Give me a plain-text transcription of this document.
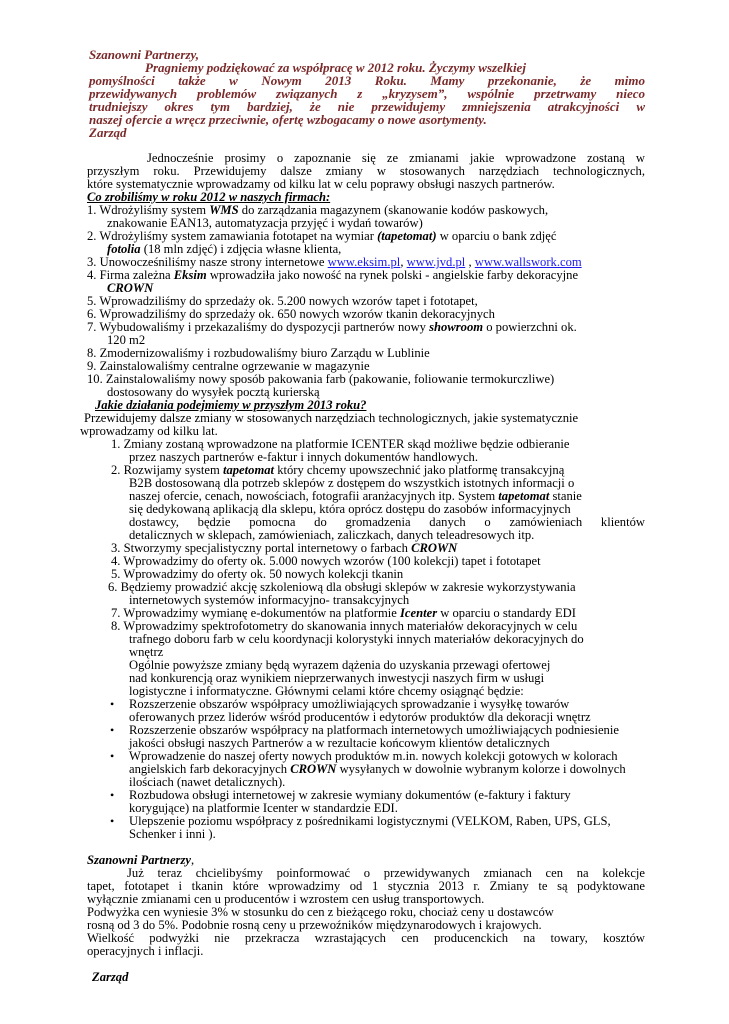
Szanowni Partnerzy,
Pragniemy podziękować za współpracę w 2012 roku. Życzymy wszelkiej
pomyślności także w Nowym 2013 Roku. Mamy przekonanie, że mimo
przewidywanych problemów związanych z „kryzysem”, wspólnie przetrwamy nieco
trudniejszy okres tym bardziej, że nie przewidujemy zmniejszenia atrakcyjności w
naszej ofercie a wręcz przeciwnie, ofertę wzbogacamy o nowe asortymenty.
Zarząd
Jednocześnie prosimy o zapoznanie się ze zmianami jakie wprowadzone zostaną w
przyszłym roku. Przewidujemy dalsze zmiany w stosowanych narzędziach technologicznych,
które systematycznie wprowadzamy od kilku lat w celu poprawy obsługi naszych partnerów.
Co zrobiliśmy w roku 2012 w naszych firmach:
1. Wdrożyliśmy system WMS do zarządzania magazynem (skanowanie kodów paskowych,
znakowanie EAN13, automatyzacja przyjęć i wydań towarów)
2. Wdrożyliśmy system zamawiania fototapet na wymiar (tapetomat) w oparciu o bank zdjęć
fotolia (18 mln zdjęć) i zdjęcia własne klienta,
3. Unowocześniliśmy nasze strony internetowe www.eksim.pl, www.jvd.pl , www.wallswork.com
4. Firma zależna Eksim wprowadziła jako nowość na rynek polski - angielskie farby dekoracyjne
CROWN
5. Wprowadziliśmy do sprzedaży ok. 5.200 nowych wzorów tapet i fototapet,
6. Wprowadziliśmy do sprzedaży ok. 650 nowych wzorów tkanin dekoracyjnych
7. Wybudowaliśmy i przekazaliśmy do dyspozycji partnerów nowy showroom o powierzchni ok.
120 m2
8. Zmodernizowaliśmy i rozbudowaliśmy biuro Zarządu w Lublinie
9. Zainstalowaliśmy centralne ogrzewanie w magazynie
10. Zainstalowaliśmy nowy sposób pakowania farb (pakowanie, foliowanie termokurczliwe)
dostosowany do wysyłek pocztą kurierską
Jakie działania podejmiemy w przyszłym 2013 roku?
Przewidujemy dalsze zmiany w stosowanych narzędziach technologicznych, jakie systematycznie
wprowadzamy od kilku lat.
1. Zmiany zostaną wprowadzone na platformie ICENTER skąd możliwe będzie odbieranie
przez naszych partnerów e-faktur i innych dokumentów handlowych.
2. Rozwijamy system tapetomat który chcemy upowszechnić jako platformę transakcyjną
B2B dostosowaną dla potrzeb sklepów z dostępem do wszystkich istotnych informacji o
naszej ofercie, cenach, nowościach, fotografii aranżacyjnych itp. System tapetomat stanie
się dedykowaną aplikacją dla sklepu, która oprócz dostępu do zasobów informacyjnych
dostawcy, będzie pomocna do gromadzenia danych o zamówieniach klientów
detalicznych w sklepach, zamówieniach, zaliczkach, danych teleadresowych itp.
3. Stworzymy specjalistyczny portal internetowy o farbach CROWN
4. Wprowadzimy do oferty ok. 5.000 nowych wzorów (100 kolekcji) tapet i fototapet
5. Wprowadzimy do oferty ok. 50 nowych kolekcji tkanin
6. Będziemy prowadzić akcję szkoleniową dla obsługi sklepów w zakresie wykorzystywania
internetowych systemów informacyjno- transakcyjnych
7. Wprowadzimy wymianę e-dokumentów na platformie Icenter w oparciu o standardy EDI
8. Wprowadzimy spektrofotometry do skanowania innych materiałów dekoracyjnych w celu
trafnego doboru farb w celu koordynacji kolorystyki innych materiałów dekoracyjnych do
wnętrz
Ogólnie powyższe zmiany będą wyrazem dążenia do uzyskania przewagi ofertowej
nad konkurencją oraz wynikiem nieprzerwanych inwestycji naszych firm w usługi
logistyczne i informatyczne. Głównymi celami które chcemy osiągnąć będzie:
• Rozszerzenie obszarów współpracy umożliwiających sprowadzanie i wysyłkę towarów
oferowanych przez liderów wśród producentów i edytorów produktów dla dekoracji wnętrz
• Rozszerzenie obszarów współpracy na platformach internetowych umożliwiających podniesienie
jakości obsługi naszych Partnerów a w rezultacie końcowym klientów detalicznych
• Wprowadzenie do naszej oferty nowych produktów m.in. nowych kolekcji gotowych w kolorach
angielskich farb dekoracyjnych CROWN wysyłanych w dowolnie wybranym kolorze i dowolnych
ilościach (nawet detalicznych).
• Rozbudowa obsługi internetowej w zakresie wymiany dokumentów (e-faktury i faktury
korygujące) na platformie Icenter w standardzie EDI.
• Ulepszenie poziomu współpracy z pośrednikami logistycznymi (VELKOM, Raben, UPS, GLS,
Schenker i inni ).
Szanowni Partnerzy,
Już teraz chcielibyśmy poinformować o przewidywanych zmianach cen na kolekcje
tapet, fototapet i tkanin które wprowadzimy od 1 stycznia 2013 r. Zmiany te są podyktowane
wyłącznie zmianami cen u producentów i wzrostem cen usług transportowych.
Podwyżka cen wyniesie 3% w stosunku do cen z bieżącego roku, chociaż ceny u dostawców
rosną od 3 do 5%. Podobnie rosną ceny u przewoźników międzynarodowych i krajowych.
Wielkość podwyżki nie przekracza wzrastających cen producenckich na towary, kosztów
operacyjnych i inflacji.
Zarząd
